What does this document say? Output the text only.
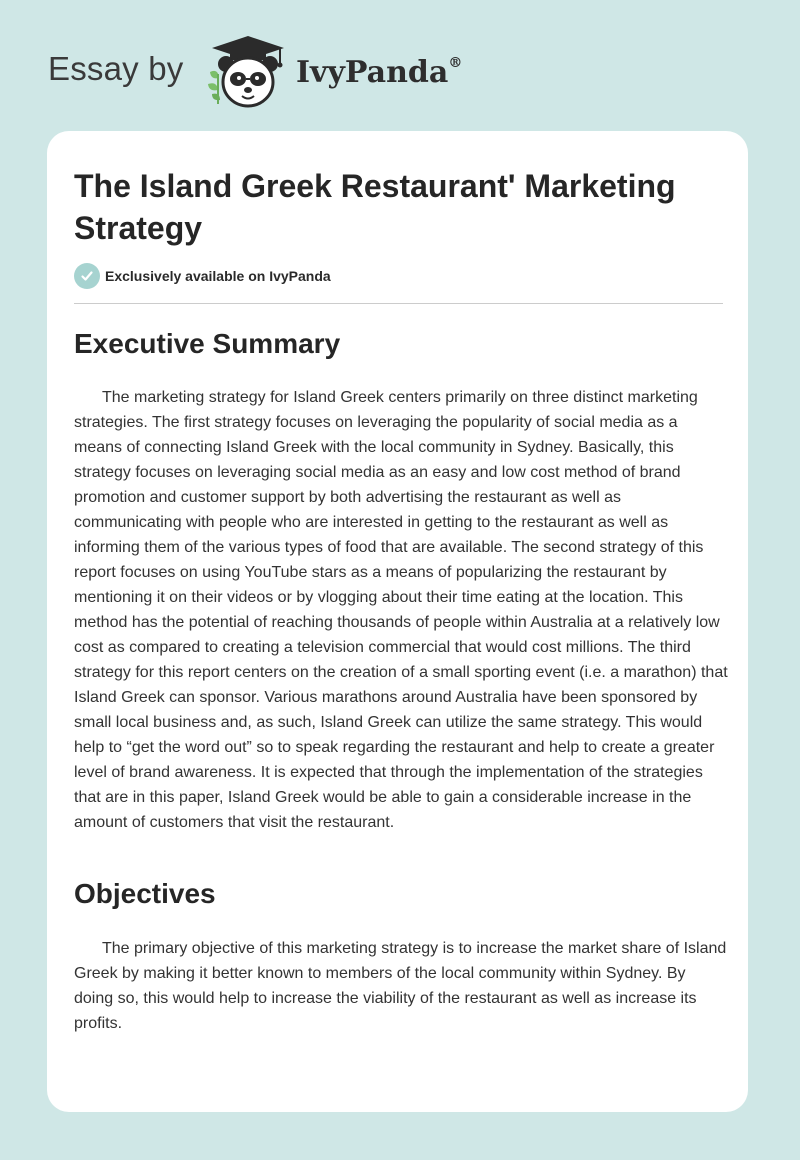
Essay by	IvyPanda®
The Island Greek Restaurant' Marketing Strategy
Exclusively available on IvyPanda
Executive Summary

The marketing strategy for Island Greek centers primarily on three distinct marketing strategies. The first strategy focuses on leveraging the popularity of social media as a means of connecting Island Greek with the local community in Sydney. Basically, this strategy focuses on leveraging social media as an easy and low cost method of brand promotion and customer support by both advertising the restaurant as well as communicating with people who are interested in getting to the restaurant as well as informing them of the various types of food that are available. The second strategy of this report focuses on using YouTube stars as a means of popularizing the restaurant by mentioning it on their videos or by vlogging about their time eating at the location. This method has the potential of reaching thousands of people within Australia at a relatively low cost as compared to creating a television commercial that would cost millions. The third strategy for this report centers on the creation of a small sporting event (i.e. a marathon) that Island Greek can sponsor. Various marathons around Australia have been sponsored by small local business and, as such, Island Greek can utilize the same strategy. This would help to “get the word out” so to speak regarding the restaurant and help to create a greater level of brand awareness. It is expected that through the implementation of the strategies that are in this paper, Island Greek would be able to gain a considerable increase in the amount of customers that visit the restaurant.

Objectives

The primary objective of this marketing strategy is to increase the market share of Island Greek by making it better known to members of the local community within Sydney. By doing so, this would help to increase the viability of the restaurant as well as increase its profits.
